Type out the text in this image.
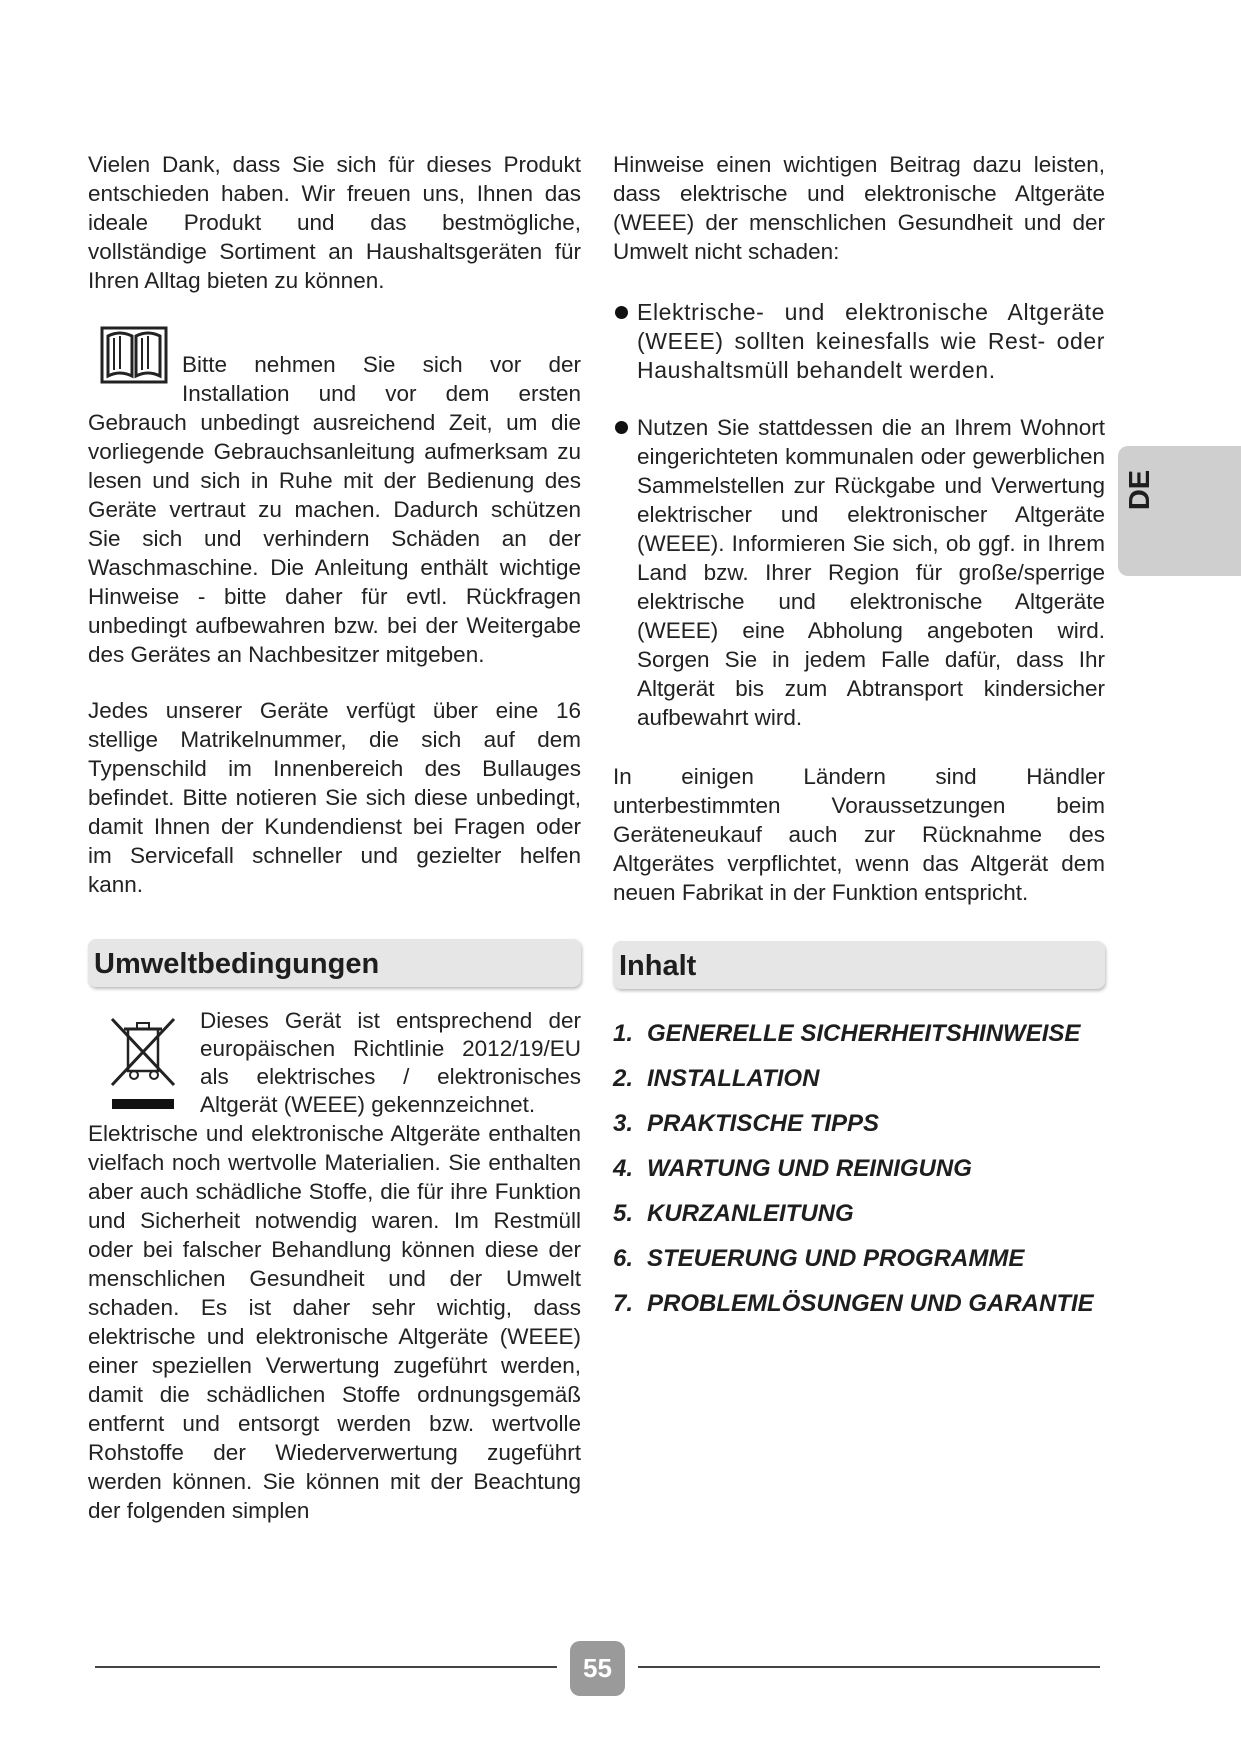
Vielen Dank, dass Sie sich für dieses Produkt entschieden haben. Wir freuen uns, Ihnen das ideale Produkt und das bestmögliche, vollständige Sortiment an Haushaltsgeräten für Ihren Alltag bieten zu können.

Bitte nehmen Sie sich vor der Installation und vor dem ersten Gebrauch unbedingt ausreichend Zeit, um die vorliegende Gebrauchsanleitung aufmerksam zu lesen und sich in Ruhe mit der Bedienung des Geräte vertraut zu machen. Dadurch schützen Sie sich und verhindern Schäden an der Waschmaschine. Die Anleitung enthält wichtige Hinweise - bitte daher für evtl. Rückfragen unbedingt aufbewahren bzw. bei der Weitergabe des Gerätes an Nachbesitzer mitgeben.

Jedes unserer Geräte verfügt über eine 16 stellige Matrikelnummer, die sich auf dem Typenschild im Innenbereich des Bullauges befindet. Bitte notieren Sie sich diese unbedingt, damit Ihnen der Kundendienst bei Fragen oder im Servicefall schneller und gezielter helfen kann.

Umweltbedingungen

Dieses Gerät ist entsprechend der europäischen Richtlinie 2012/19/EU als elektrisches / elektronisches Altgerät (WEEE) gekennzeichnet.

Elektrische und elektronische Altgeräte enthalten vielfach noch wertvolle Materialien. Sie enthalten aber auch schädliche Stoffe, die für ihre Funktion und Sicherheit notwendig waren. Im Restmüll oder bei falscher Behandlung können diese der menschlichen Gesundheit und der Umwelt schaden. Es ist daher sehr wichtig, dass elektrische und elektronische Altgeräte (WEEE) einer speziellen Verwertung zugeführt werden, damit die schädlichen Stoffe ordnungsgemäß entfernt und entsorgt werden bzw. wertvolle Rohstoffe der Wiederverwertung zugeführt werden können. Sie können mit der Beachtung der folgenden simplen

Hinweise einen wichtigen Beitrag dazu leisten, dass elektrische und elektronische Altgeräte (WEEE) der menschlichen Gesundheit und der Umwelt nicht schaden:

Elektrische- und elektronische Altgeräte (WEEE) sollten keinesfalls wie Rest- oder Haushaltsmüll behandelt werden.
Nutzen Sie stattdessen die an Ihrem Wohnort eingerichteten kommunalen oder gewerblichen Sammelstellen zur Rückgabe und Verwertung elektrischer und elektronischer Altgeräte (WEEE). Informieren Sie sich, ob ggf. in Ihrem Land bzw. Ihrer Region für große/sperrige elektrische und elektronische Altgeräte (WEEE) eine Abholung angeboten wird. Sorgen Sie in jedem Falle dafür, dass Ihr Altgerät bis zum Abtransport kindersicher aufbewahrt wird.

In einigen Ländern sind Händler unterbestimmten Voraussetzungen beim Geräteneukauf auch zur Rücknahme des Altgerätes verpflichtet, wenn das Altgerät dem neuen Fabrikat in der Funktion entspricht.

Inhalt
1. GENERELLE SICHERHEITSHINWEISE
2. INSTALLATION
3. PRAKTISCHE TIPPS
4. WARTUNG UND REINIGUNG
5. KURZANLEITUNG
6. STEUERUNG UND PROGRAMME
7. PROBLEMLÖSUNGEN UND GARANTIE
DE
55
